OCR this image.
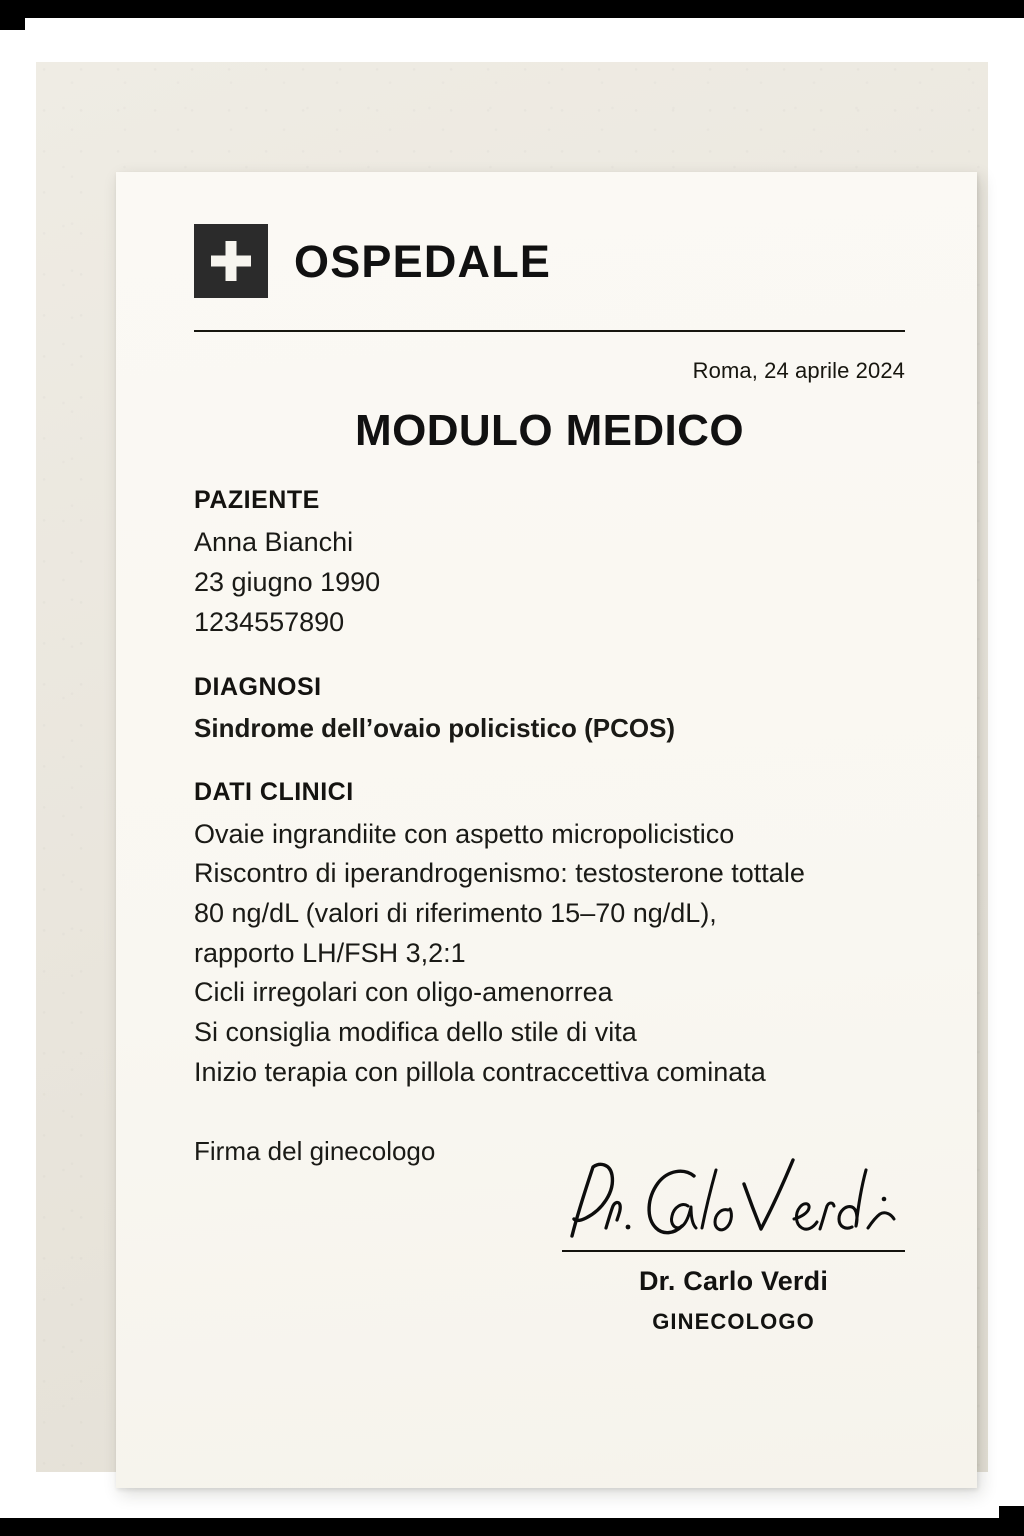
OSPEDALE
Roma, 24 aprile 2024
MODULO MEDICO
PAZIENTE
Anna Bianchi
23 giugno 1990
1234557890
DIAGNOSI
Sindrome dell’ovaio policistico (PCOS)
DATI CLINICI
Ovaie ingrandiite con aspetto micropolicistico
Riscontro di iperandrogenismo: testosterone tottale
80 ng/dL (valori di riferimento 15–70 ng/dL),
rapporto LH/FSH 3,2:1
Cicli irregolari con oligo-amenorrea
Si consiglia modifica dello stile di vita
Inizio terapia con pillola contraccettiva cominata
Firma del ginecologo
Dr. Carlo Verdi
GINECOLOGO
